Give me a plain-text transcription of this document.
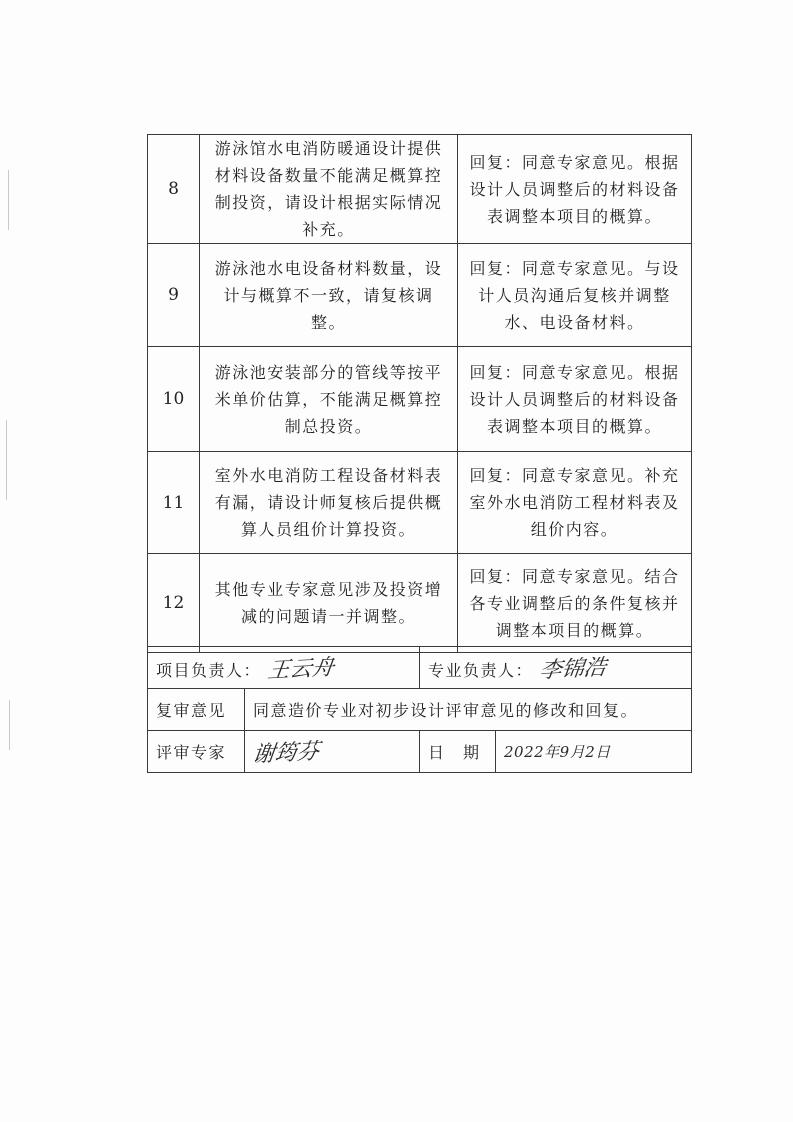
8	游泳馆水电消防暖通设计提供材料设备数量不能满足概算控制投资，请设计根据实际情况补充。	回复：同意专家意见。根据设计人员调整后的材料设备表调整本项目的概算。
9	游泳池水电设备材料数量，设计与概算不一致，请复核调整。	回复：同意专家意见。与设计人员沟通后复核并调整水、电设备材料。
10	游泳池安装部分的管线等按平米单价估算，不能满足概算控制总投资。	回复：同意专家意见。根据设计人员调整后的材料设备表调整本项目的概算。
11	室外水电消防工程设备材料表有漏，请设计师复核后提供概算人员组价计算投资。	回复：同意专家意见。补充室外水电消防工程材料表及组价内容。
12	其他专业专家意见涉及投资增减的问题请一并调整。	回复：同意专家意见。结合各专业调整后的条件复核并调整本项目的概算。
项目负责人： 王云舟		专业负责人： 李锦浩	
复审意见	同意造价专业对初步设计评审意见的修改和回复。		
评审专家	谢筠芬	日　期	2022年9月2日
